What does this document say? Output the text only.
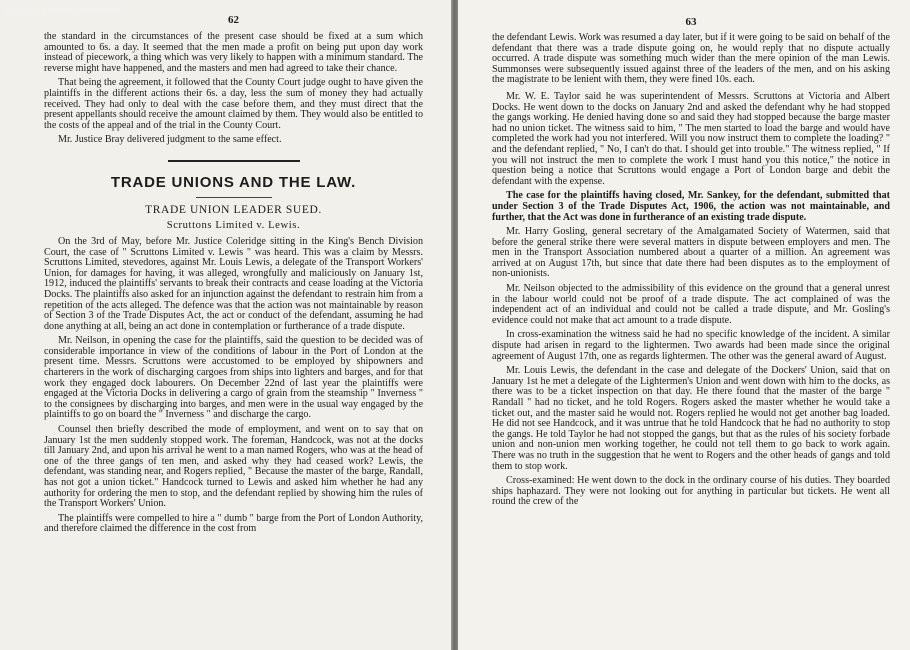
(c) TUC Library Collections
62

the standard in the circumstances of the present case should be fixed at a sum which amounted to 6s. a day. It seemed that the men made a profit on being put upon day work instead of piecework, a thing which was very likely to happen with a minimum standard. The reverse might have happened, and the masters and men had agreed to take their chance.

That being the agreement, it followed that the County Court judge ought to have given the plaintiffs in the different actions their 6s. a day, less the sum of money they had actually received. They had only to deal with the case before them, and they must direct that the present appellants should receive the amount claimed by them. They would also be entitled to the costs of the appeal and of the trial in the County Court.

Mr. Justice Bray delivered judgment to the same effect.

TRADE UNIONS AND THE LAW.
TRADE UNION LEADER SUED.
Scruttons Limited v. Lewis.

On the 3rd of May, before Mr. Justice Coleridge sitting in the King's Bench Division Court, the case of " Scruttons Limited v. Lewis " was heard. This was a claim by Messrs. Scruttons Limited, stevedores, against Mr. Louis Lewis, a delegate of the Transport Workers' Union, for damages for having, it was alleged, wrongfully and maliciously on January 1st, 1912, induced the plaintiffs' servants to break their contracts and cease loading at the Victoria Docks. The plaintiffs also asked for an injunction against the defendant to restrain him from a repetition of the acts alleged. The defence was that the action was not maintainable by reason of Section 3 of the Trade Disputes Act, the act or conduct of the defendant, assuming he had done anything at all, being an act done in contemplation or furtherance of a trade dispute.

Mr. Neilson, in opening the case for the plaintiffs, said the question to be decided was of considerable importance in view of the conditions of labour in the Port of London at the present time. Messrs. Scruttons were accustomed to be employed by shipowners and charterers in the work of discharging cargoes from ships into lighters and barges, and for that work they engaged dock labourers. On December 22nd of last year the plaintiffs were engaged at the Victoria Docks in delivering a cargo of grain from the steamship " Inverness " to the consignees by discharging into barges, and men were in the usual way engaged by the plaintiffs to go on board the " Inverness " and discharge the cargo.

Counsel then briefly described the mode of employment, and went on to say that on January 1st the men suddenly stopped work. The foreman, Handcock, was not at the docks till January 2nd, and upon his arrival he went to a man named Rogers, who was at the head of one of the three gangs of ten men, and asked why they had ceased work? Lewis, the defendant, was standing near, and Rogers replied, " Because the master of the barge, Randall, has not got a union ticket." Handcock turned to Lewis and asked him whether he had any authority for ordering the men to stop, and the defendant replied by showing him the rules of the Transport Workers' Union.

The plaintiffs were compelled to hire a " dumb " barge from the Port of London Authority, and therefore claimed the difference in the cost from

63

the defendant Lewis. Work was resumed a day later, but if it were going to be said on behalf of the defendant that there was a trade dispute going on, he would reply that no dispute actually occurred. A trade dispute was something much wider than the mere opinion of the man Lewis. Summonses were subsequently issued against three of the leaders of the men, and on his asking the magistrate to be lenient with them, they were fined 10s. each.

Mr. W. E. Taylor said he was superintendent of Messrs. Scruttons at Victoria and Albert Docks. He went down to the docks on January 2nd and asked the defendant why he had stopped the gangs working. He denied having done so and said they had stopped because the barge master had no union ticket. The witness said to him, " The men started to load the barge and would have completed the work had you not interfered. Will you now instruct them to complete the loading? " and the defendant replied, " No, I can't do that. I should get into trouble." The witness replied, " If you will not instruct the men to complete the work I must hand you this notice," the notice in question being a notice that Scruttons would engage a Port of London barge and debit the defendant with the expense.

The case for the plaintiffs having closed, Mr. Sankey, for the defendant, submitted that under Section 3 of the Trade Disputes Act, 1906, the action was not maintainable, and further, that the Act was done in furtherance of an existing trade dispute.

Mr. Harry Gosling, general secretary of the Amalgamated Society of Watermen, said that before the general strike there were several matters in dispute between employers and men. The men in the Transport Association numbered about a quarter of a million. An agreement was arrived at on August 17th, but since that date there had been disputes as to the employment of non-unionists.

Mr. Neilson objected to the admissibility of this evidence on the ground that a general unrest in the labour world could not be proof of a trade dispute. The act complained of was the independent act of an individual and could not be called a trade dispute, and Mr. Gosling's evidence could not make that act amount to a trade dispute.

In cross-examination the witness said he had no specific knowledge of the incident. A similar dispute had arisen in regard to the lightermen. Two awards had been made since the original agreement of August 17th, one as regards lightermen. The other was the general award of August.

Mr. Louis Lewis, the defendant in the case and delegate of the Dockers' Union, said that on January 1st he met a delegate of the Lightermen's Union and went down with him to the docks, as there was to be a ticket inspection on that day. He there found that the master of the barge " Randall " had no ticket, and he told Rogers. Rogers asked the master whether he would take a ticket out, and the master said he would not. Rogers replied he would not get another bag loaded. He did not see Handcock, and it was untrue that he told Handcock that he had no authority to stop the gangs. He told Taylor he had not stopped the gangs, but that as the rules of his society forbade union and non-union men working together, he could not tell them to go back to work again. There was no truth in the suggestion that he went to Rogers and the other heads of gangs and told them to stop work.

Cross-examined: He went down to the dock in the ordinary course of his duties. They boarded ships haphazard. They were not looking out for anything in particular but tickets. He went all round the crew of the
